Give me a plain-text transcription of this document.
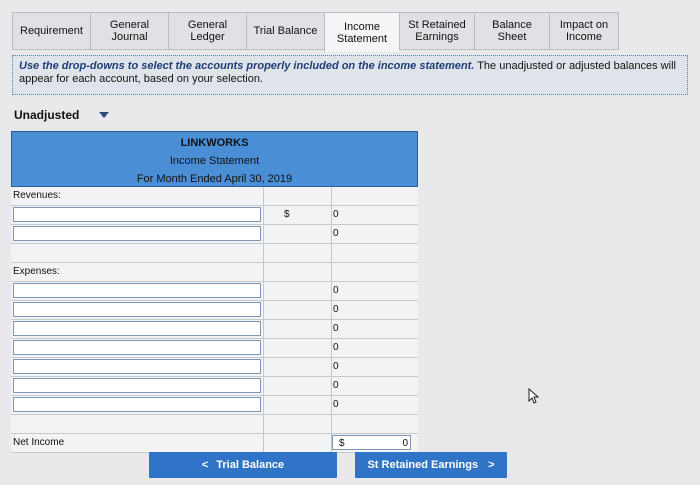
Requirement General
Journal
General
Ledger	Trial Balance Income
Statement
St Retained
Earnings
Balance Sheet
Impact on
Income
Use the drop-downs to select the accounts properly included on the income statement. The unadjusted or adjusted balances will appear for each account, based on your selection.
Unadjusted
LINKWORKS
Income Statement
For Month Ended April 30, 2019
Revenues:
$	0
0
Expenses:
0
0
0
0
0
0
0
Net Income	$	0
< Trial Balance	St Retained Earnings >
